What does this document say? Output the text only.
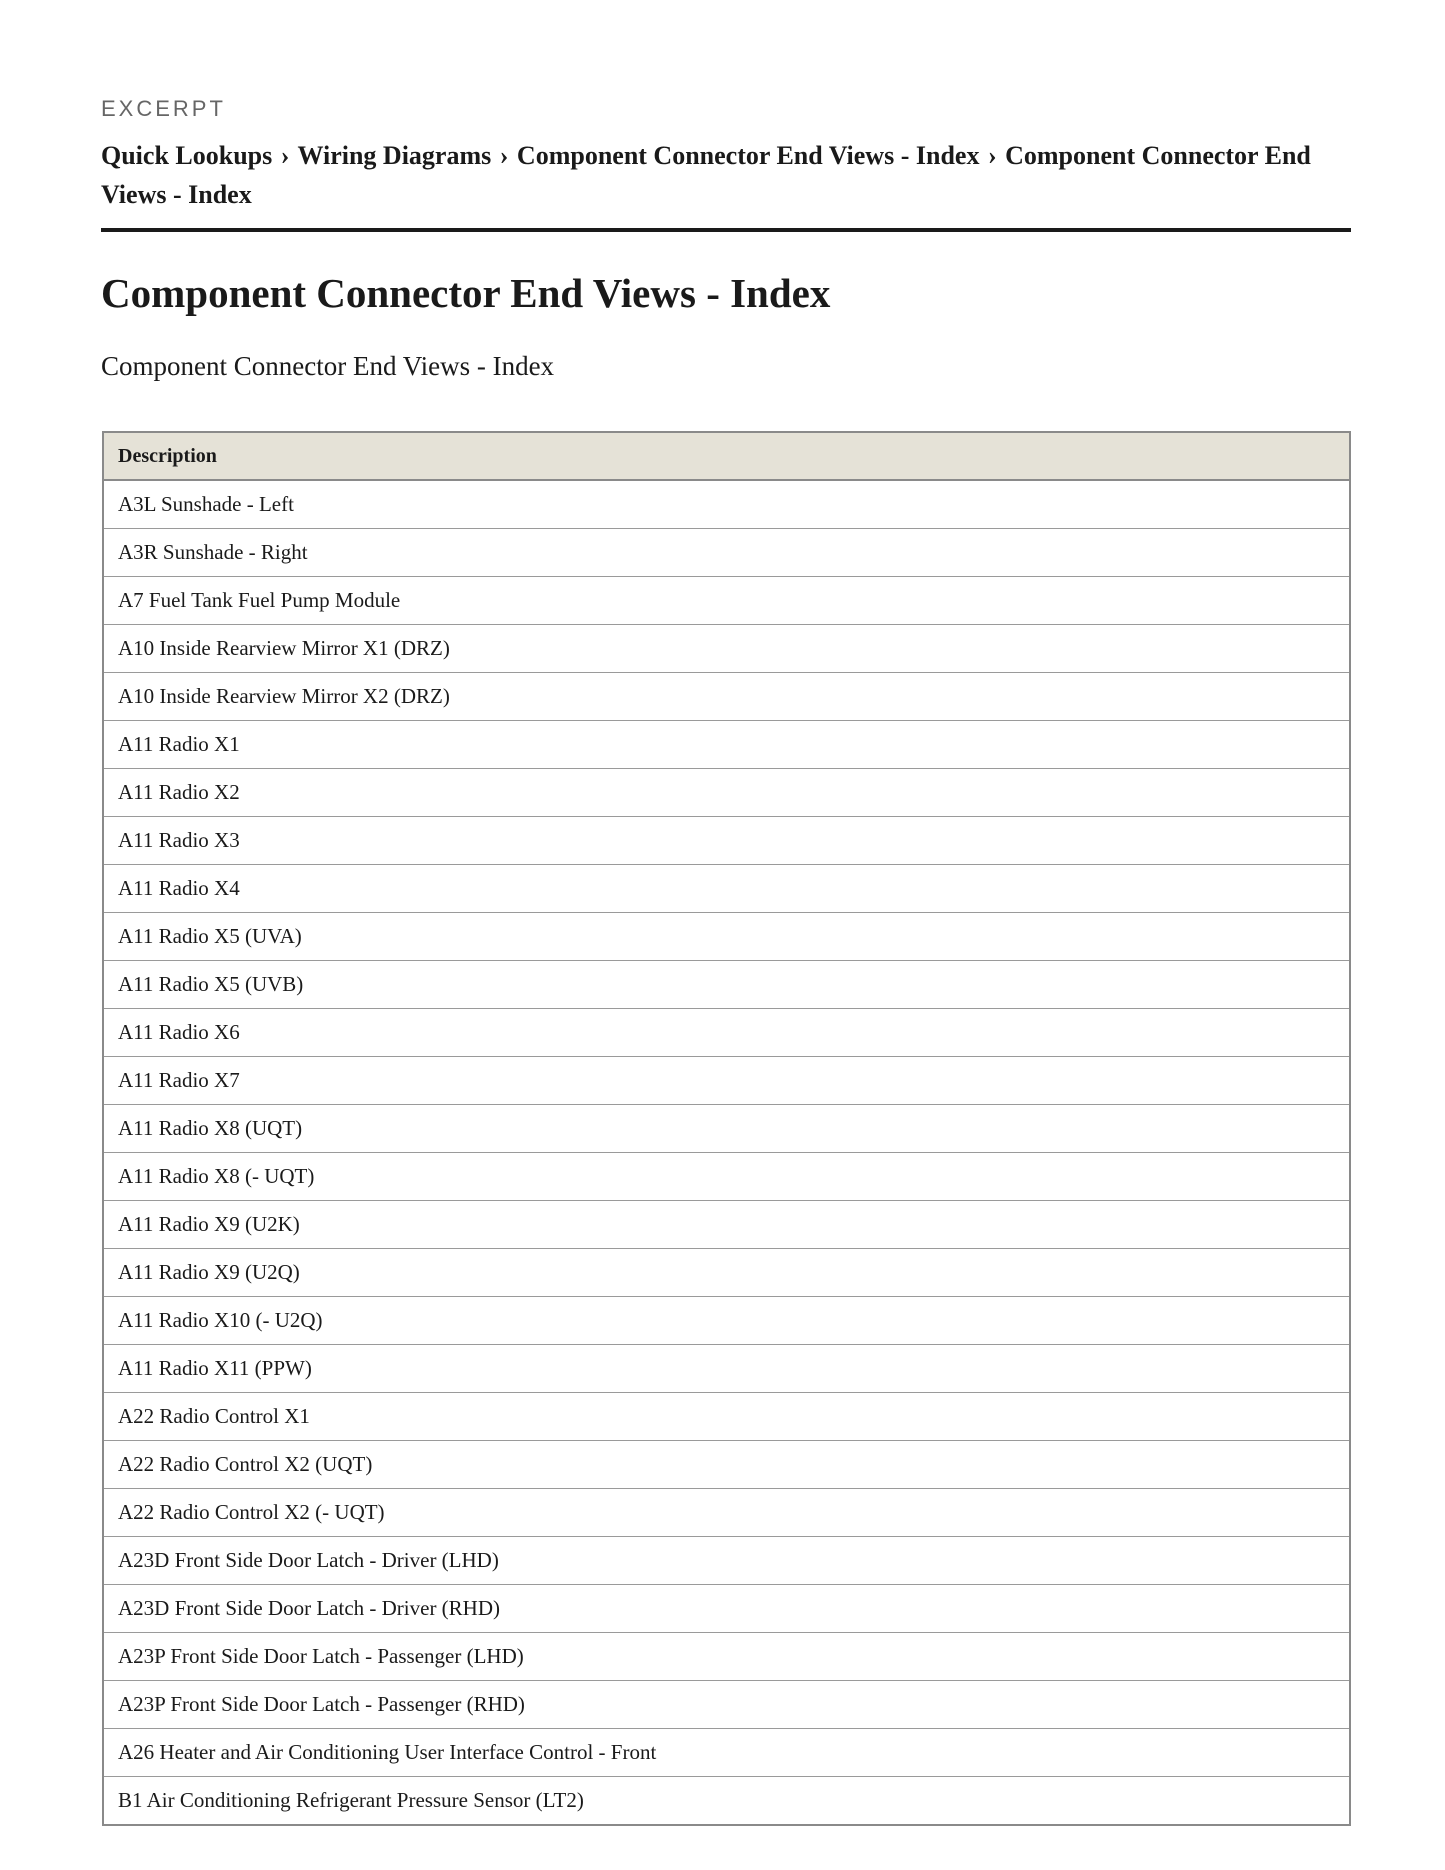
EXCERPT
Quick Lookups › Wiring Diagrams › Component Connector End Views - Index › Component Connector End Views - Index
Component Connector End Views - Index
Component Connector End Views - Index
Description
A3L Sunshade - Left
A3R Sunshade - Right
A7 Fuel Tank Fuel Pump Module
A10 Inside Rearview Mirror X1 (DRZ)
A10 Inside Rearview Mirror X2 (DRZ)
A11 Radio X1
A11 Radio X2
A11 Radio X3
A11 Radio X4
A11 Radio X5 (UVA)
A11 Radio X5 (UVB)
A11 Radio X6
A11 Radio X7
A11 Radio X8 (UQT)
A11 Radio X8 (- UQT)
A11 Radio X9 (U2K)
A11 Radio X9 (U2Q)
A11 Radio X10 (- U2Q)
A11 Radio X11 (PPW)
A22 Radio Control X1
A22 Radio Control X2 (UQT)
A22 Radio Control X2 (- UQT)
A23D Front Side Door Latch - Driver (LHD)
A23D Front Side Door Latch - Driver (RHD)
A23P Front Side Door Latch - Passenger (LHD)
A23P Front Side Door Latch - Passenger (RHD)
A26 Heater and Air Conditioning User Interface Control - Front
B1 Air Conditioning Refrigerant Pressure Sensor (LT2)
